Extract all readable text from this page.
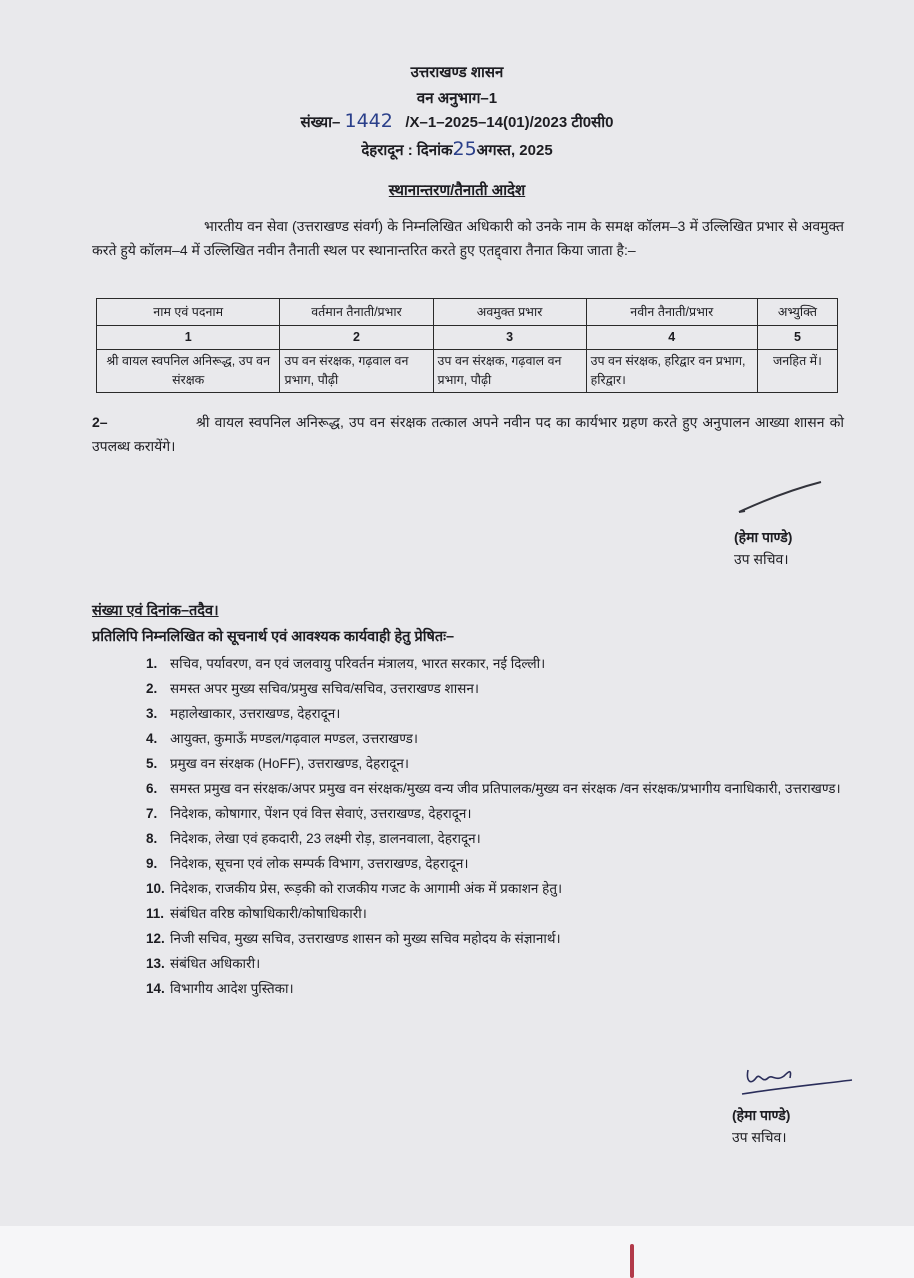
उत्तराखण्ड शासन
वन अनुभाग–1
संख्या– 1442 /X–1–2025–14(01)/2023 टी0सी0
देहरादून : दिनांक25अगस्त, 2025
स्थानान्तरण/तैनाती आदेश
भारतीय वन सेवा (उत्तराखण्ड संवर्ग) के निम्नलिखित अधिकारी को उनके नाम के समक्ष कॉलम–3 में उल्लिखित प्रभार से अवमुक्त करते हुये कॉलम–4 में उल्लिखित नवीन तैनाती स्थल पर स्थानान्तरित करते हुए एतद्द्वारा तैनात किया जाता है:–
नाम एवं पदनाम	वर्तमान तैनाती/प्रभार	अवमुक्त प्रभार	नवीन तैनाती/प्रभार	अभ्युक्ति
1	2	3	4	5
श्री वायल स्वपनिल अनिरूद्ध, उप वन संरक्षक	उप वन संरक्षक, गढ़वाल वन प्रभाग, पौढ़ी	उप वन संरक्षक, गढ़वाल वन प्रभाग, पौढ़ी	उप वन संरक्षक, हरिद्वार वन प्रभाग, हरिद्वार।	जनहित में।
2–	श्री वायल स्वपनिल अनिरूद्ध, उप वन संरक्षक तत्काल अपने नवीन पद का कार्यभार ग्रहण करते हुए अनुपालन आख्या शासन को उपलब्ध करायेंगे।
(हेमा पाण्डे)
उप सचिव।
संख्या एवं दिनांक–तदैव।
प्रतिलिपि निम्नलिखित को सूचनार्थ एवं आवश्यक कार्यवाही हेतु प्रेषितः–
1. सचिव, पर्यावरण, वन एवं जलवायु परिवर्तन मंत्रालय, भारत सरकार, नई दिल्ली।
2. समस्त अपर मुख्य सचिव/प्रमुख सचिव/सचिव, उत्तराखण्ड शासन।
3. महालेखाकार, उत्तराखण्ड, देहरादून।
4. आयुक्त, कुमाऊँ मण्डल/गढ़वाल मण्डल, उत्तराखण्ड।
5. प्रमुख वन संरक्षक (HoFF), उत्तराखण्ड, देहरादून।
6. समस्त प्रमुख वन संरक्षक/अपर प्रमुख वन संरक्षक/मुख्य वन्य जीव प्रतिपालक/मुख्य वन संरक्षक /वन संरक्षक/प्रभागीय वनाधिकारी, उत्तराखण्ड।
7. निदेशक, कोषागार, पेंशन एवं वित्त सेवाएं, उत्तराखण्ड, देहरादून।
8. निदेशक, लेखा एवं हकदारी, 23 लक्ष्मी रोड़, डालनवाला, देहरादून।
9. निदेशक, सूचना एवं लोक सम्पर्क विभाग, उत्तराखण्ड, देहरादून।
10. निदेशक, राजकीय प्रेस, रूड़की को राजकीय गजट के आगामी अंक में प्रकाशन हेतु।
11. संबंधित वरिष्ठ कोषाधिकारी/कोषाधिकारी।
12. निजी सचिव, मुख्य सचिव, उत्तराखण्ड शासन को मुख्य सचिव महोदय के संज्ञानार्थ।
13. संबंधित अधिकारी।
14. विभागीय आदेश पुस्तिका।
(हेमा पाण्डे)
उप सचिव।
